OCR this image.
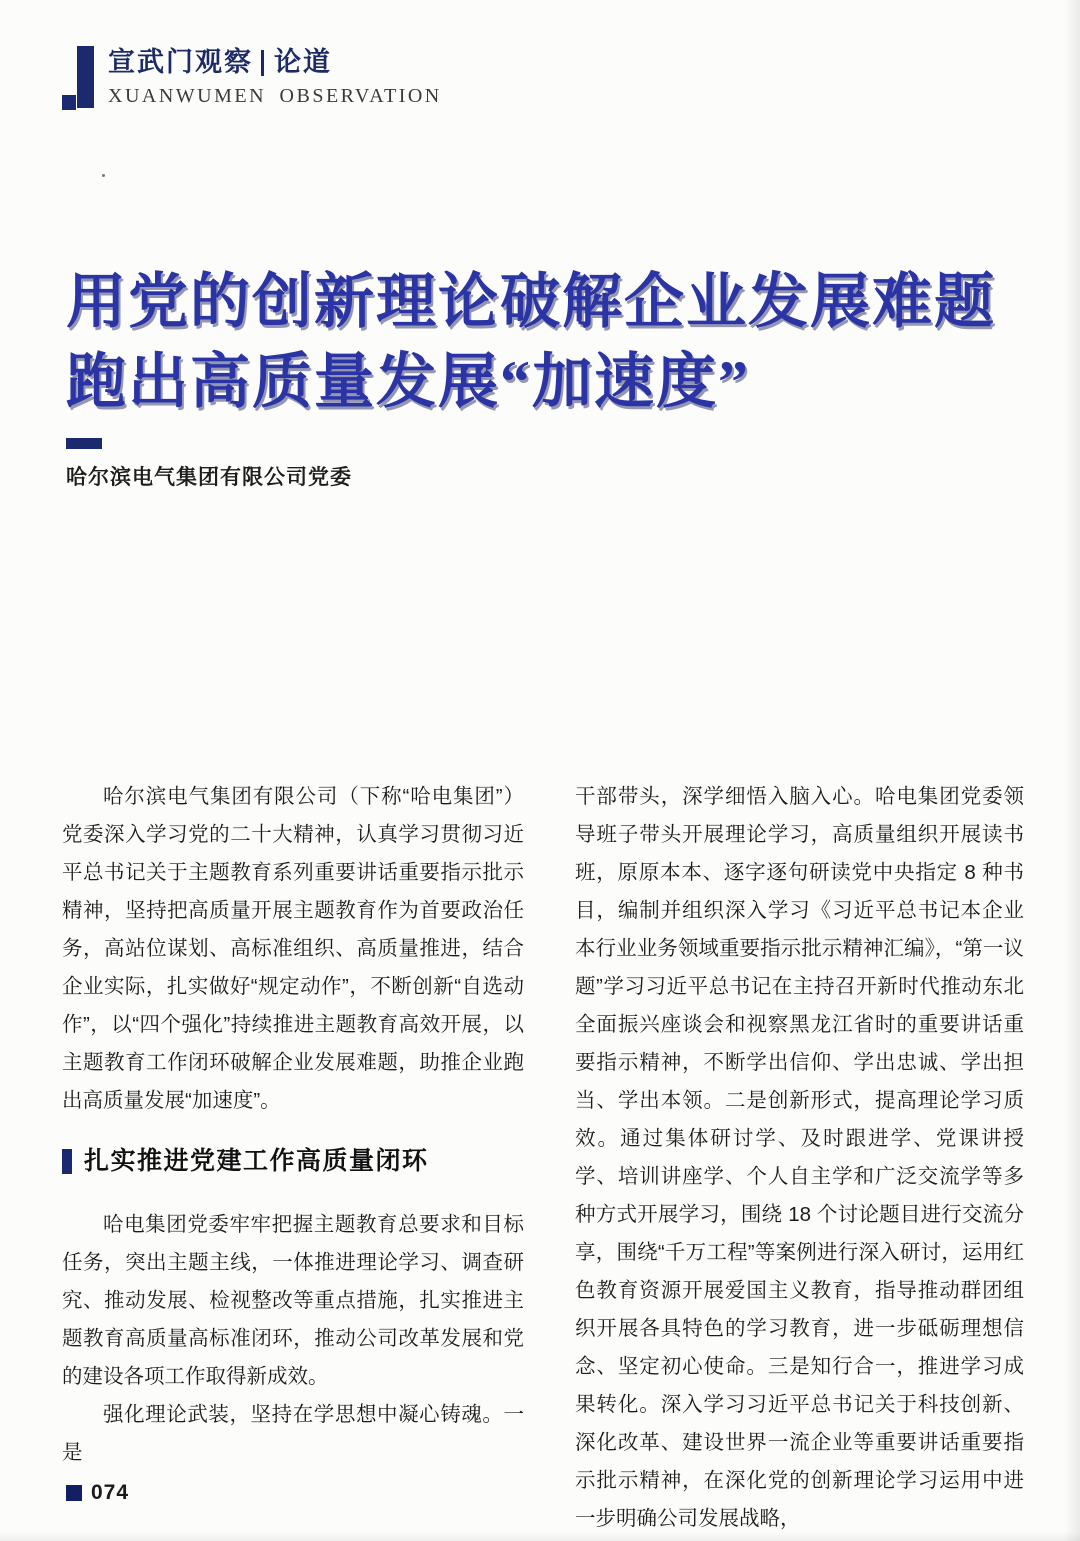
宣武门观察 论道
XUANWUMEN OBSERVATION
用党的创新理论破解企业发展难题
跑出高质量发展“加速度”
哈尔滨电气集团有限公司党委

哈尔滨电气集团有限公司（下称“哈电集团”）党委深入学习党的二十大精神，认真学习贯彻习近平总书记关于主题教育系列重要讲话重要指示批示精神，坚持把高质量开展主题教育作为首要政治任务，高站位谋划、高标准组织、高质量推进，结合企业实际，扎实做好“规定动作”，不断创新“自选动作”，以“四个强化”持续推进主题教育高效开展，以主题教育工作闭环破解企业发展难题，助推企业跑出高质量发展“加速度”。

扎实推进党建工作高质量闭环

哈电集团党委牢牢把握主题教育总要求和目标任务，突出主题主线，一体推进理论学习、调查研究、推动发展、检视整改等重点措施，扎实推进主题教育高质量高标准闭环，推动公司改革发展和党的建设各项工作取得新成效。

强化理论武装，坚持在学思想中凝心铸魂。一是

干部带头，深学细悟入脑入心。哈电集团党委领导班子带头开展理论学习，高质量组织开展读书班，原原本本、逐字逐句研读党中央指定 8 种书目，编制并组织深入学习《习近平总书记本企业本行业业务领域重要指示批示精神汇编》，“第一议题”学习习近平总书记在主持召开新时代推动东北全面振兴座谈会和视察黑龙江省时的重要讲话重要指示精神，不断学出信仰、学出忠诚、学出担当、学出本领。二是创新形式，提高理论学习质效。通过集体研讨学、及时跟进学、党课讲授学、培训讲座学、个人自主学和广泛交流学等多种方式开展学习，围绕 18 个讨论题目进行交流分享，围绕“千万工程”等案例进行深入研讨，运用红色教育资源开展爱国主义教育，指导推动群团组织开展各具特色的学习教育，进一步砥砺理想信念、坚定初心使命。三是知行合一，推进学习成果转化。深入学习习近平总书记关于科技创新、深化改革、建设世界一流企业等重要讲话重要指示批示精神，在深化党的创新理论学习运用中进一步明确公司发展战略，

074
